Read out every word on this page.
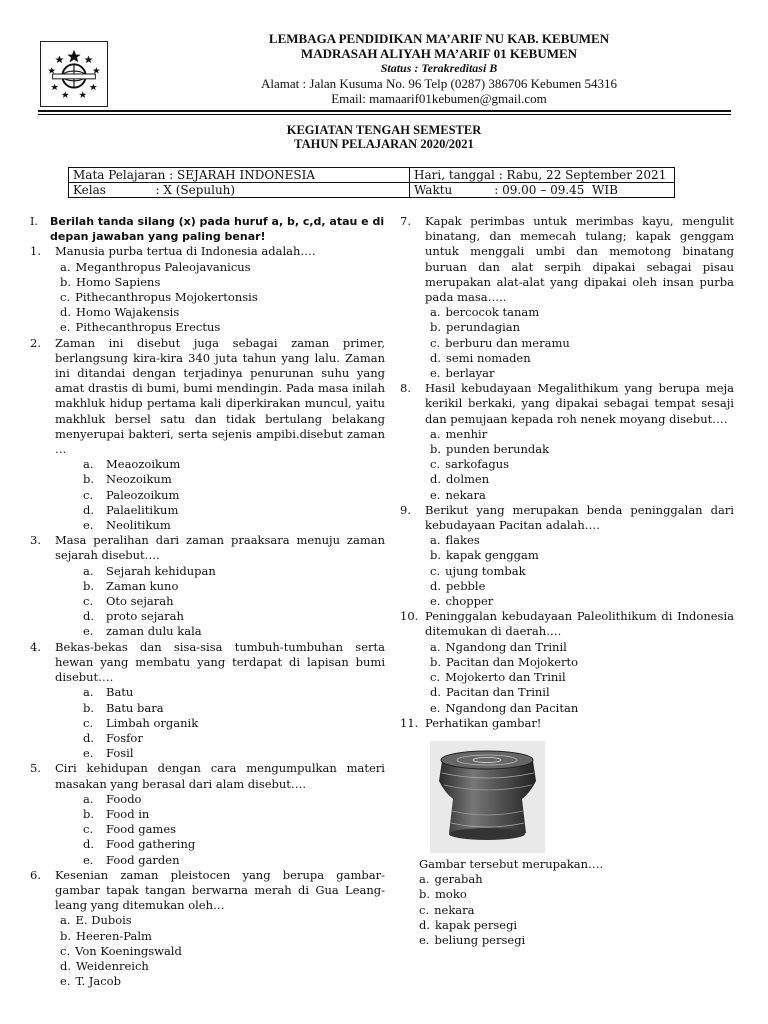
LEMBAGA PENDIDIKAN MA’ARIF NU KAB. KEBUMEN
MADRASAH ALIYAH MA’ARIF 01 KEBUMEN
Status : Terakreditasi B
Alamat : Jalan Kusuma No. 96 Telp (0287) 386706 Kebumen 54316
Email: mamaarif01kebumen@gmail.com
KEGIATAN TENGAH SEMESTER
TAHUN PELAJARAN 2020/2021
Mata Pelajaran : SEJARAH INDONESIA	Hari, tanggal : Rabu, 22 September 2021
Kelas             : X (Sepuluh)	Waktu           : 09.00 – 09.45  WIB
I.	Berilah tanda silang (x) pada huruf a, b, c,d, atau e di depan jawaban yang paling benar!
1.	Manusia purba tertua di Indonesia adalah….
a. Meganthropus Paleojavanicus
b. Homo Sapiens
c. Pithecanthropus Mojokertonsis
d. Homo Wajakensis
e. Pithecanthropus Erectus
2.	Zaman ini disebut juga sebagai zaman primer, berlangsung kira-kira 340 juta tahun yang lalu. Zaman ini ditandai dengan terjadinya penurunan suhu yang amat drastis di bumi, bumi mendingin. Pada masa inilah makhluk hidup pertama kali diperkirakan muncul, yaitu makhluk bersel satu dan tidak bertulang belakang menyerupai bakteri, serta sejenis ampibi.disebut zaman …
a.	Meaozoikum
b.	Neozoikum
c.	Paleozoikum
d.	Palaelitikum
e.	Neolitikum
3.	Masa peralihan dari zaman praaksara menuju zaman sejarah disebut….
a.	Sejarah kehidupan
b.	Zaman kuno
c.	Oto sejarah
d.	proto sejarah
e.	zaman dulu kala
4.	Bekas-bekas dan sisa-sisa tumbuh-tumbuhan serta hewan yang membatu yang terdapat di lapisan bumi disebut….
a.	Batu
b.	Batu bara
c.	Limbah organik
d.	Fosfor
e.	Fosil
5.	Ciri kehidupan dengan cara mengumpulkan materi masakan yang berasal dari alam disebut….
a.	Foodo
b.	Food in
c.	Food games
d.	Food gathering
e.	Food garden
6.	Kesenian zaman pleistocen yang berupa gambar-gambar tapak tangan berwarna merah di Gua Leang-leang yang ditemukan oleh…
a. E. Dubois
b. Heeren-Palm
c. Von Koeningswald
d. Weidenreich
e. T. Jacob
7.	Kapak perimbas untuk merimbas kayu, mengulit binatang, dan memecah tulang; kapak genggam untuk menggali umbi dan memotong binatang buruan dan alat serpih dipakai sebagai pisau merupakan alat-alat yang dipakai oleh insan purba pada masa…..
a. bercocok tanam
b. perundagian
c. berburu dan meramu
d. semi nomaden
e. berlayar
8.	Hasil kebudayaan Megalithikum yang berupa meja kerikil berkaki, yang dipakai sebagai tempat sesaji dan pemujaan kepada roh nenek moyang disebut….
a. menhir
b. punden berundak
c. sarkofagus
d. dolmen
e. nekara
9.	Berikut yang merupakan benda peninggalan dari kebudayaan Pacitan adalah….
a. flakes
b. kapak genggam
c. ujung tombak
d. pebble
e. chopper
10. Peninggalan kebudayaan Paleolithikum di Indonesia ditemukan di daerah….
a. Ngandong dan Trinil
b. Pacitan dan Mojokerto
c. Mojokerto dan Trinil
d. Pacitan dan Trinil
e. Ngandong dan Pacitan
11. Perhatikan gambar!
Gambar tersebut merupakan….
a. gerabah
b. moko
c. nekara
d. kapak persegi
e. beliung persegi
